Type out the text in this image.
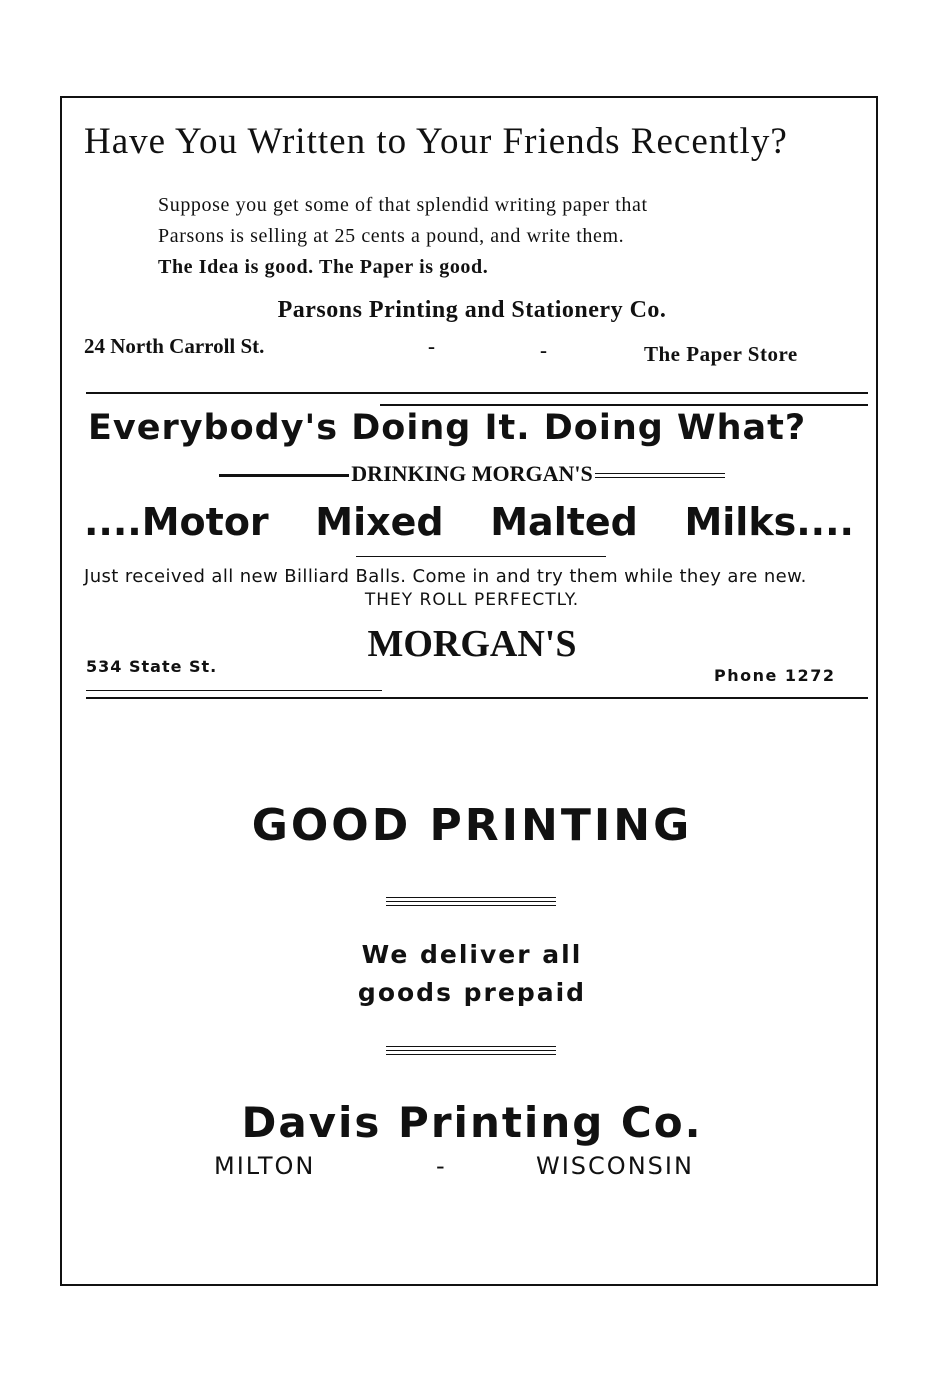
Have You Written to Your Friends Recently?
Suppose you get some of that splendid writing paper that
Parsons is selling at 25 cents a pound, and write them.
The Idea is good. The Paper is good.
Parsons Printing and Stationery Co.
24 North Carroll St.	-	-	The Paper Store
Everybody's Doing It. Doing What?
DRINKING MORGAN'S
....Motor Mixed Malted Milks....
Just received all new Billiard Balls. Come in and try them while they are new.
THEY ROLL PERFECTLY.
MORGAN'S
534 State St.	Phone 1272
GOOD PRINTING
We deliver all
goods prepaid
Davis Printing Co.
MILTON	-	WISCONSIN
